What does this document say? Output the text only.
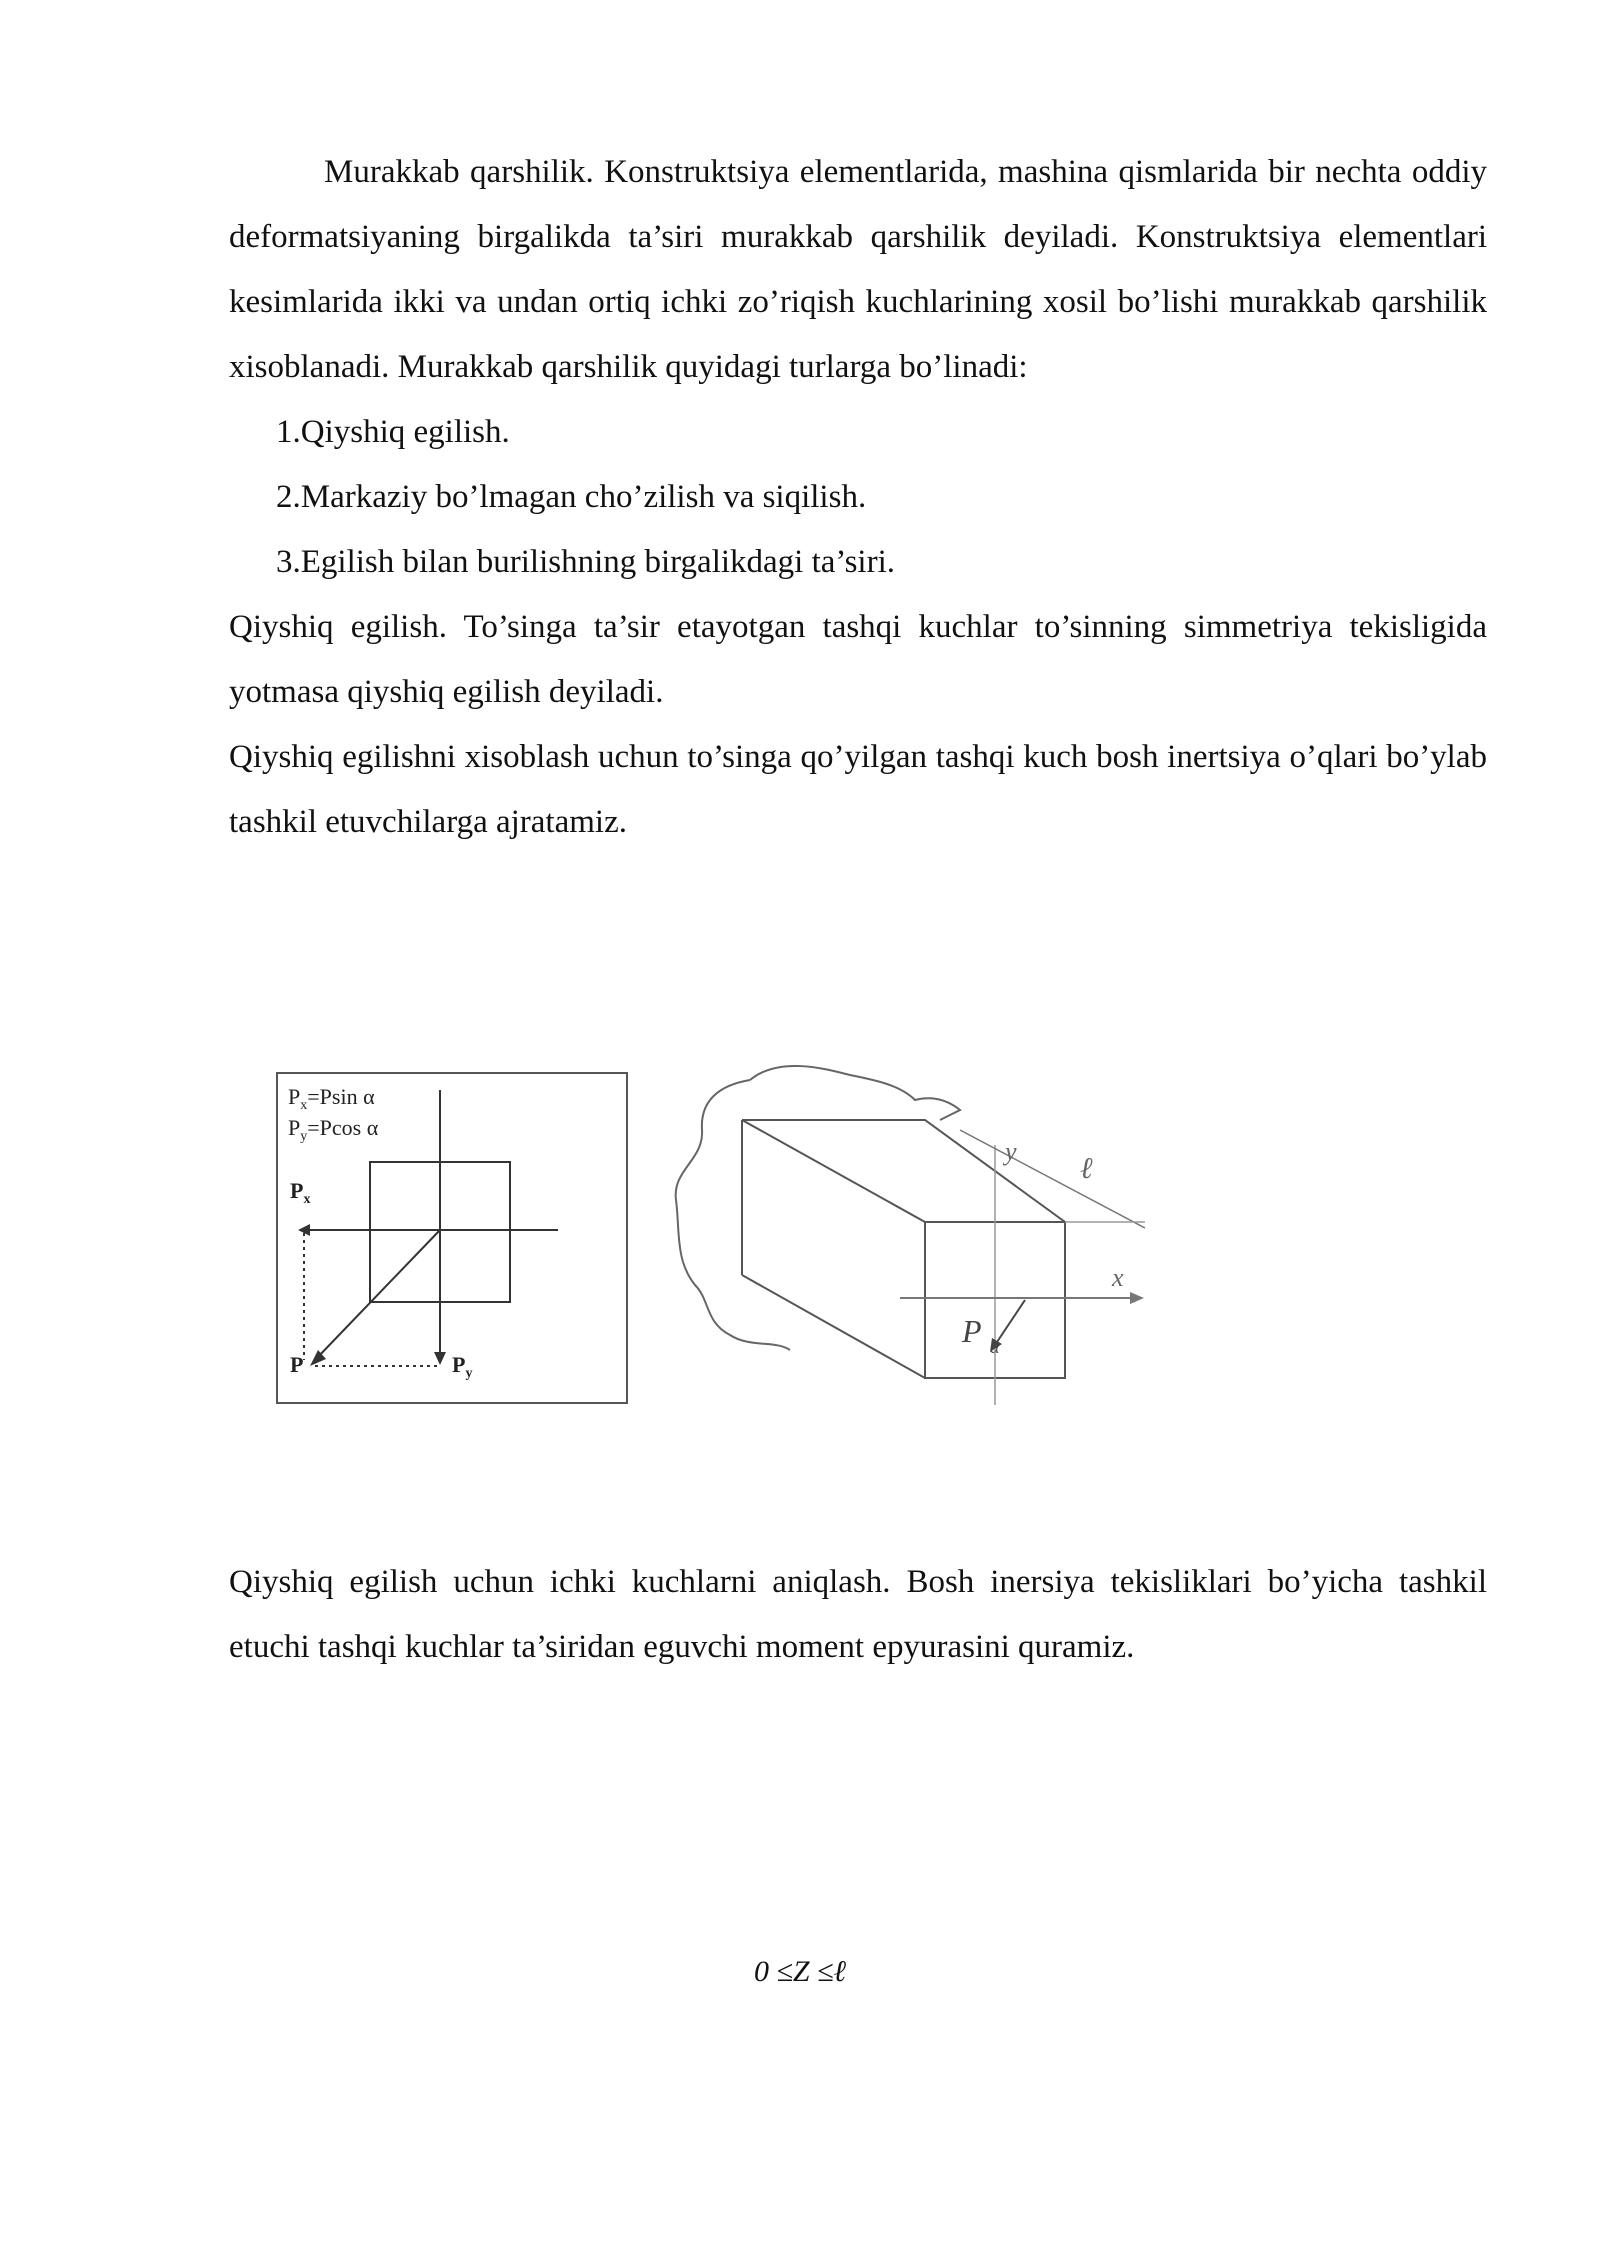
Murakkab qarshilik. Konstruktsiya elementlarida, mashina qismlarida bir nechta oddiy deformatsiyaning birgalikda ta’siri murakkab qarshilik deyiladi. Konstruktsiya elementlari kesimlarida ikki va undan ortiq ichki zo’riqish kuchlarining xosil bo’lishi murakkab qarshilik xisoblanadi. Murakkab qarshilik quyidagi turlarga bo’linadi:

1.Qiyshiq egilish.

2.Markaziy bo’lmagan cho’zilish va siqilish.

3.Egilish bilan burilishning birgalikdagi ta’siri.

Qiyshiq egilish. To’singa ta’sir etayotgan tashqi kuchlar to’sinning simmetriya tekisligida yotmasa qiyshiq egilish deyiladi.

Qiyshiq egilishni xisoblash uchun to’singa qo’yilgan tashqi kuch bosh inertsiya o’qlari bo’ylab tashkil etuvchilarga ajratamiz.

$P_x=Psin$ α
$P_y=Pcos$ α
$P_x$
$P_y$
P
y
ℓ
x
P α

Qiyshiq egilish uchun ichki kuchlarni aniqlash. Bosh inersiya tekisliklari bo’yicha tashkil etuchi tashqi kuchlar ta’siridan eguvchi moment epyurasini quramiz.

0 ≤Z ≤ℓ
